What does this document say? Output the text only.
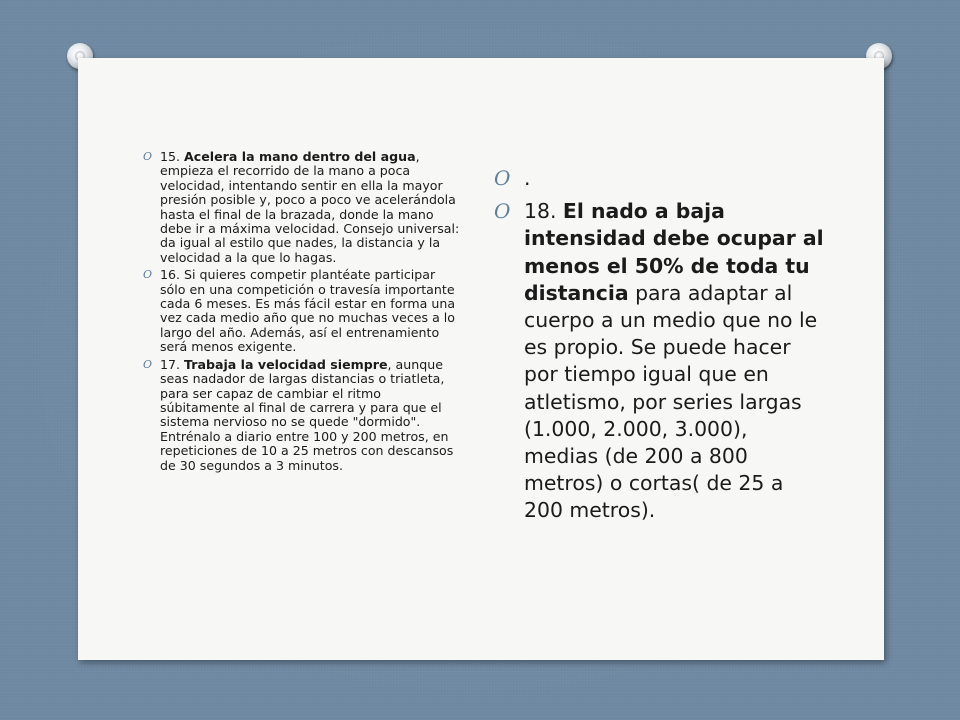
O 15. Acelera la mano dentro del agua, empieza el recorrido de la mano a poca velocidad, intentando sentir en ella la mayor presión posible y, poco a poco ve acelerándola hasta el final de la brazada, donde la mano debe ir a máxima velocidad. Consejo universal: da igual al estilo que nades, la distancia y la velocidad a la que lo hagas.
O 16. Si quieres competir plantéate participar sólo en una competición o travesía importante cada 6 meses. Es más fácil estar en forma una vez cada medio año que no muchas veces a lo largo del año. Además, así el entrenamiento será menos exigente.
O 17. Trabaja la velocidad siempre, aunque seas nadador de largas distancias o triatleta, para ser capaz de cambiar el ritmo súbitamente al final de carrera y para que el sistema nervioso no se quede "dormido". Entrénalo a diario entre 100 y 200 metros, en repeticiones de 10 a 25 metros con descansos de 30 segundos a 3 minutos.
O .
O 18. El nado a baja intensidad debe ocupar al menos el 50% de toda tu distancia para adaptar al cuerpo a un medio que no le es propio. Se puede hacer por tiempo igual que en atletismo, por series largas (1.000, 2.000, 3.000), medias (de 200 a 800 metros) o cortas( de 25 a 200 metros).
